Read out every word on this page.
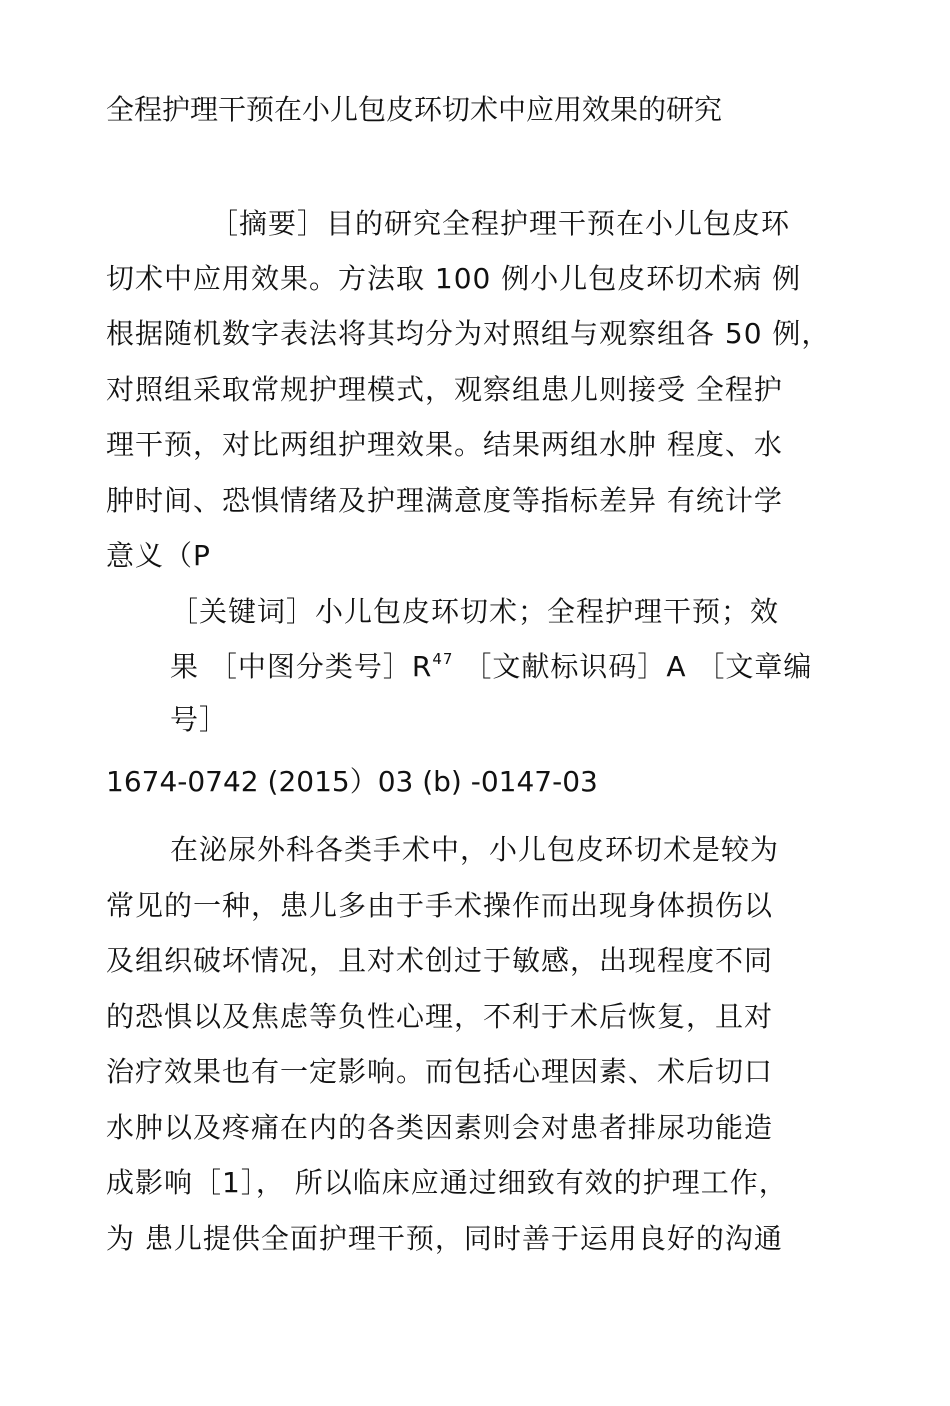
全程护理干预在小儿包皮环切术中应用效果的研究
［摘要］目的研究全程护理干预在小儿包皮环
切术中应用效果。方法取 100 例小儿包皮环切术病 例
根据随机数字表法将其均分为对照组与观察组各 50 例，
对照组采取常规护理模式，观察组患儿则接受 全程护
理干预，对比两组护理效果。结果两组水肿 程度、水
肿时间、恐惧情绪及护理满意度等指标差异 有统计学
意义（P
［关键词］小儿包皮环切术；全程护理干预；效
果 ［中图分类号$]R^{47}$ ［文献标识码］A ［文章编
号］
1674-0742 (2015）03 (b) -0147-03
在泌尿外科各类手术中，小儿包皮环切术是较为
常见的一种，患儿多由于手术操作而出现身体损伤以
及组织破坏情况，且对术创过于敏感，出现程度不同
的恐惧以及焦虑等负性心理，不利于术后恢复，且对
治疗效果也有一定影响。而包括心理因素、术后切口
水肿以及疼痛在内的各类因素则会对患者排尿功能造
成影响［1］， 所以临床应通过细致有效的护理工作，
为 患儿提供全面护理干预，同时善于运用良好的沟通
